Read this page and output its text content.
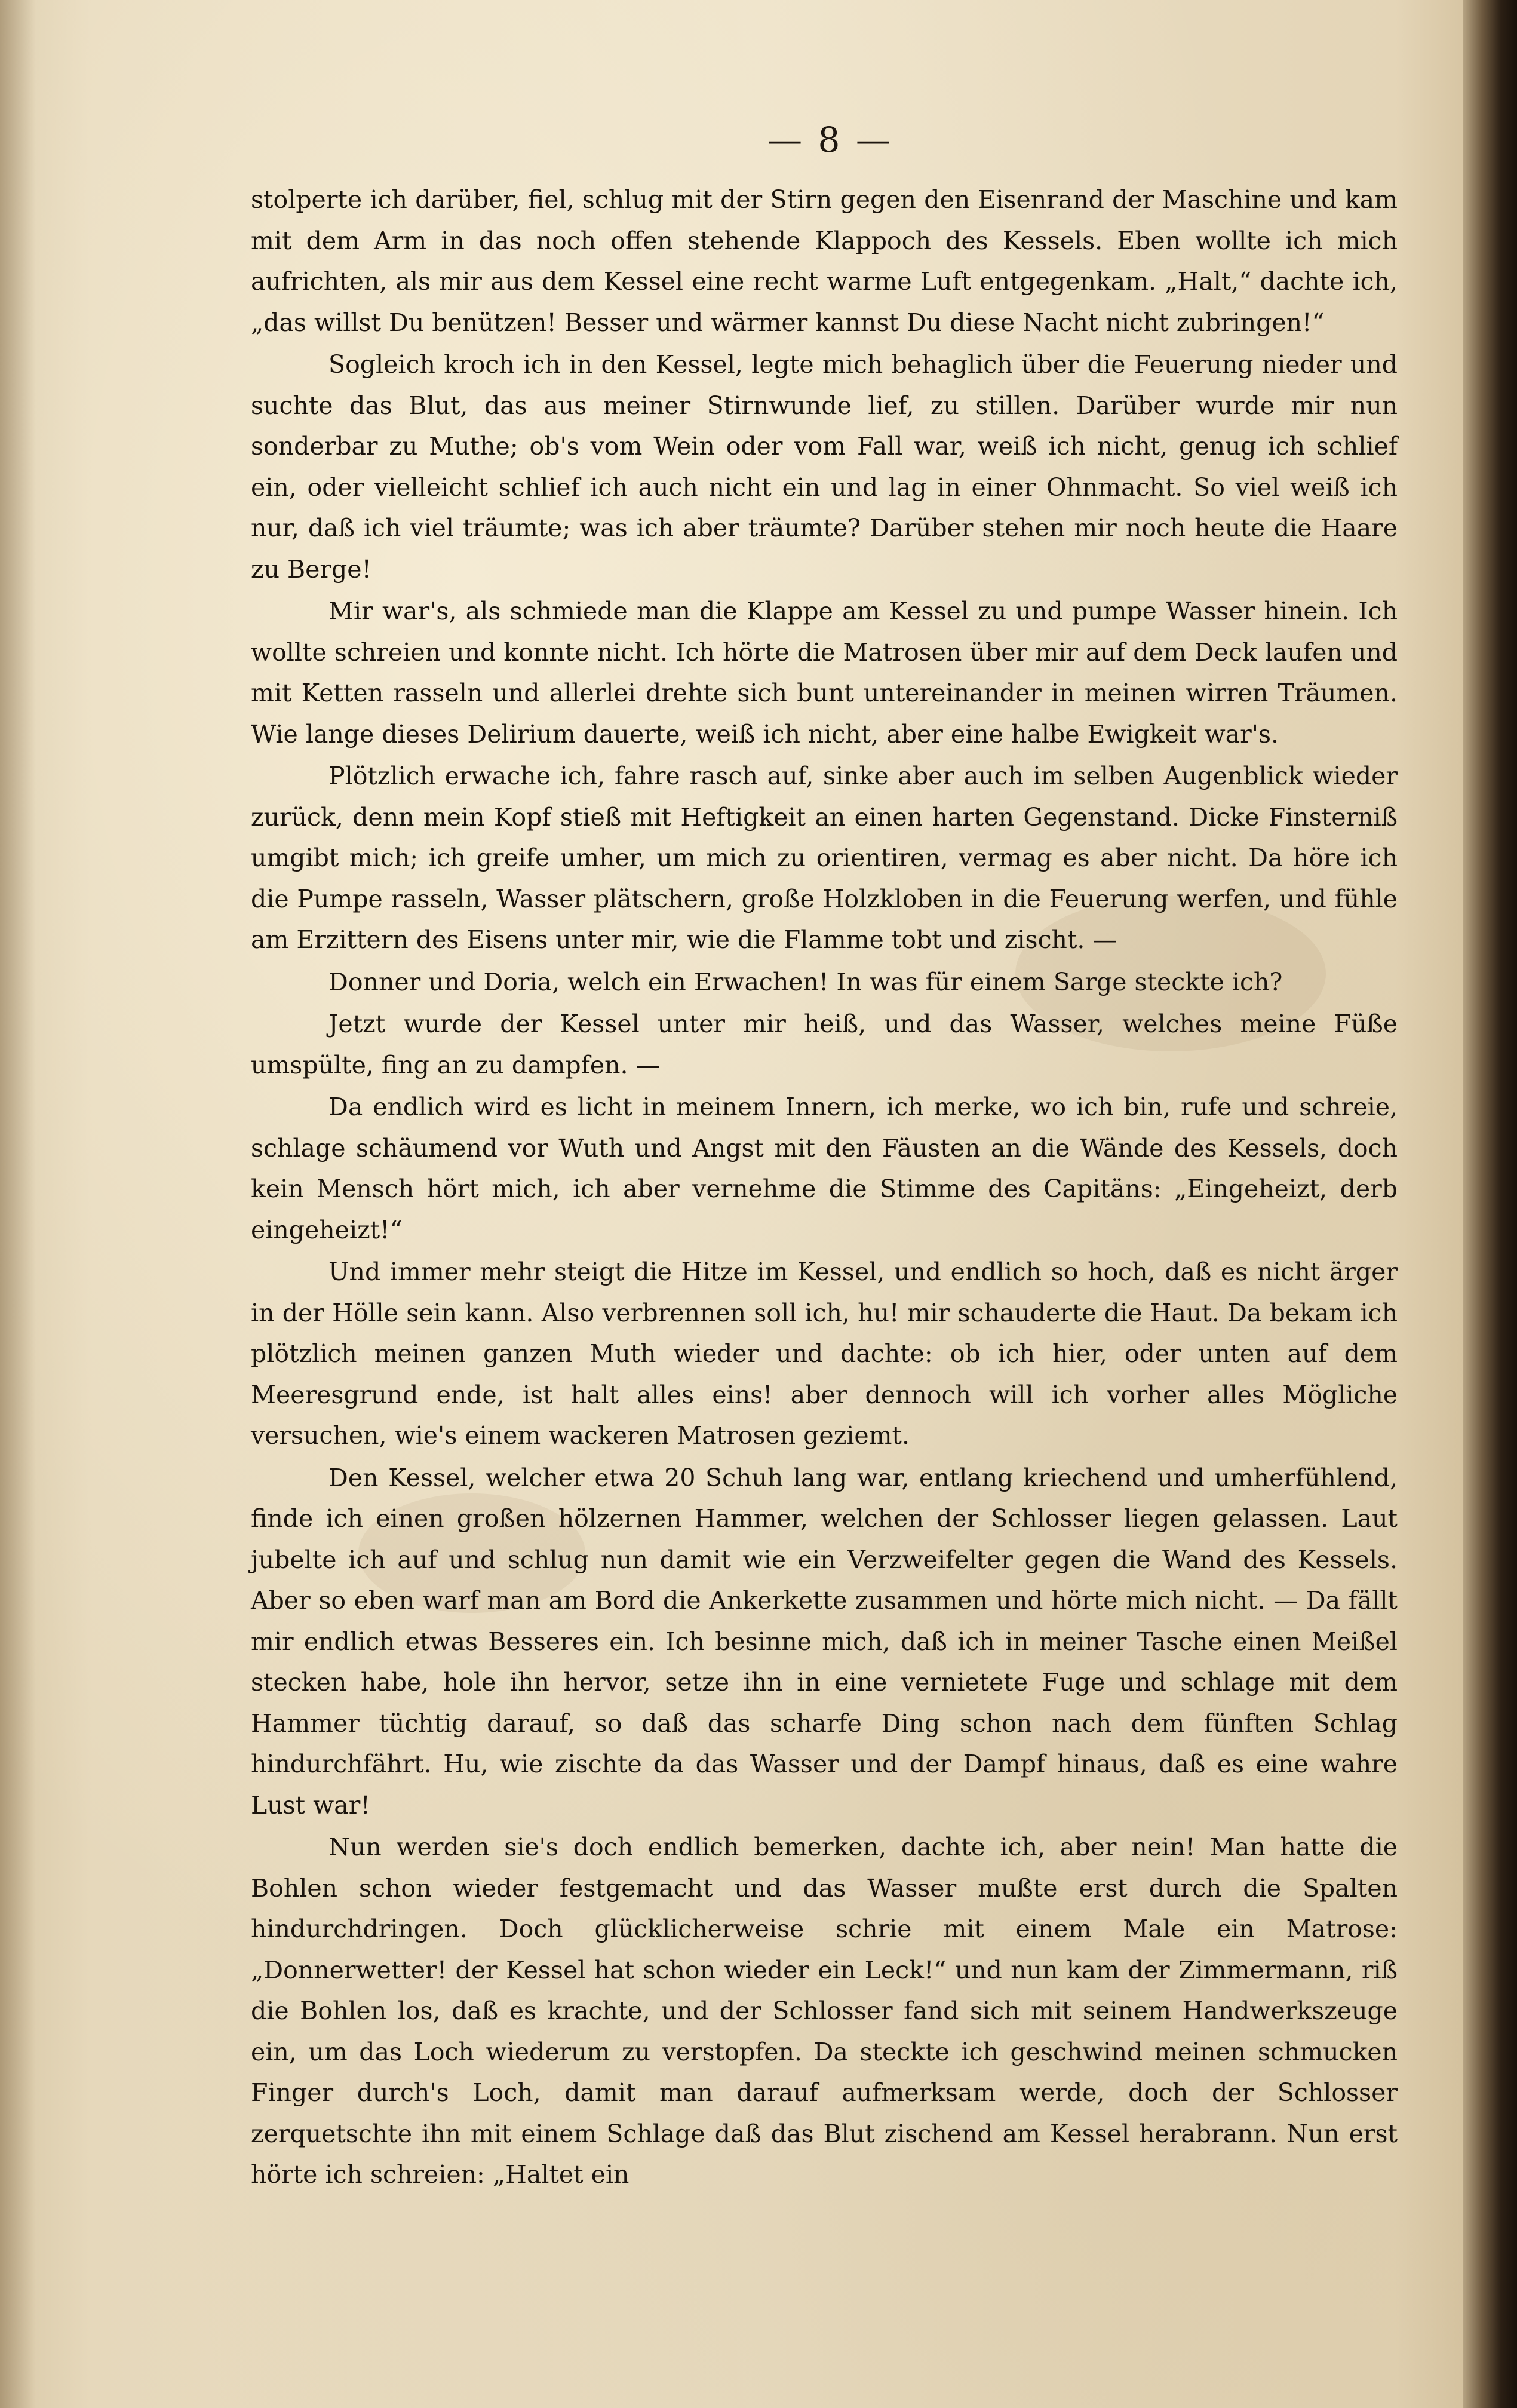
— 8 —

stolperte ich darüber, fiel, schlug mit der Stirn gegen den Eisenrand der Maschine und kam mit dem Arm in das noch offen stehende Klappoch des Kessels. Eben wollte ich mich aufrichten, als mir aus dem Kessel eine recht warme Luft entgegenkam. „Halt,“ dachte ich, „das willst Du benützen! Besser und wärmer kannst Du diese Nacht nicht zubringen!“

Sogleich kroch ich in den Kessel, legte mich behaglich über die Feuerung nieder und suchte das Blut, das aus meiner Stirnwunde lief, zu stillen. Darüber wurde mir nun sonderbar zu Muthe; ob's vom Wein oder vom Fall war, weiß ich nicht, genug ich schlief ein, oder vielleicht schlief ich auch nicht ein und lag in einer Ohnmacht. So viel weiß ich nur, daß ich viel träumte; was ich aber träumte? Darüber stehen mir noch heute die Haare zu Berge!

Mir war's, als schmiede man die Klappe am Kessel zu und pumpe Wasser hinein. Ich wollte schreien und konnte nicht. Ich hörte die Matrosen über mir auf dem Deck laufen und mit Ketten rasseln und allerlei drehte sich bunt untereinander in meinen wirren Träumen. Wie lange dieses Delirium dauerte, weiß ich nicht, aber eine halbe Ewigkeit war's.

Plötzlich erwache ich, fahre rasch auf, sinke aber auch im selben Augenblick wieder zurück, denn mein Kopf stieß mit Heftigkeit an einen harten Gegenstand. Dicke Finsterniß umgibt mich; ich greife umher, um mich zu orientiren, vermag es aber nicht. Da höre ich die Pumpe rasseln, Wasser plätschern, große Holzkloben in die Feuerung werfen, und fühle am Erzittern des Eisens unter mir, wie die Flamme tobt und zischt. —

Donner und Doria, welch ein Erwachen! In was für einem Sarge steckte ich?

Jetzt wurde der Kessel unter mir heiß, und das Wasser, welches meine Füße umspülte, fing an zu dampfen. —

Da endlich wird es licht in meinem Innern, ich merke, wo ich bin, rufe und schreie, schlage schäumend vor Wuth und Angst mit den Fäusten an die Wände des Kessels, doch kein Mensch hört mich, ich aber vernehme die Stimme des Capitäns: „Eingeheizt, derb eingeheizt!“

Und immer mehr steigt die Hitze im Kessel, und endlich so hoch, daß es nicht ärger in der Hölle sein kann. Also verbrennen soll ich, hu! mir schauderte die Haut. Da bekam ich plötzlich meinen ganzen Muth wieder und dachte: ob ich hier, oder unten auf dem Meeresgrund ende, ist halt alles eins! aber dennoch will ich vorher alles Mögliche versuchen, wie's einem wackeren Matrosen geziemt.

Den Kessel, welcher etwa 20 Schuh lang war, entlang kriechend und umherfühlend, finde ich einen großen hölzernen Hammer, welchen der Schlosser liegen gelassen. Laut jubelte ich auf und schlug nun damit wie ein Verzweifelter gegen die Wand des Kessels. Aber so eben warf man am Bord die Ankerkette zusammen und hörte mich nicht. — Da fällt mir endlich etwas Besseres ein. Ich besinne mich, daß ich in meiner Tasche einen Meißel stecken habe, hole ihn hervor, setze ihn in eine vernietete Fuge und schlage mit dem Hammer tüchtig darauf, so daß das scharfe Ding schon nach dem fünften Schlag hindurchfährt. Hu, wie zischte da das Wasser und der Dampf hinaus, daß es eine wahre Lust war!

Nun werden sie's doch endlich bemerken, dachte ich, aber nein! Man hatte die Bohlen schon wieder festgemacht und das Wasser mußte erst durch die Spalten hindurchdringen. Doch glücklicherweise schrie mit einem Male ein Matrose: „Donnerwetter! der Kessel hat schon wieder ein Leck!“ und nun kam der Zimmermann, riß die Bohlen los, daß es krachte, und der Schlosser fand sich mit seinem Handwerkszeuge ein, um das Loch wiederum zu verstopfen. Da steckte ich geschwind meinen schmucken Finger durch's Loch, damit man darauf aufmerksam werde, doch der Schlosser zerquetschte ihn mit einem Schlage daß das Blut zischend am Kessel herabrann. Nun erst hörte ich schreien: „Haltet ein
